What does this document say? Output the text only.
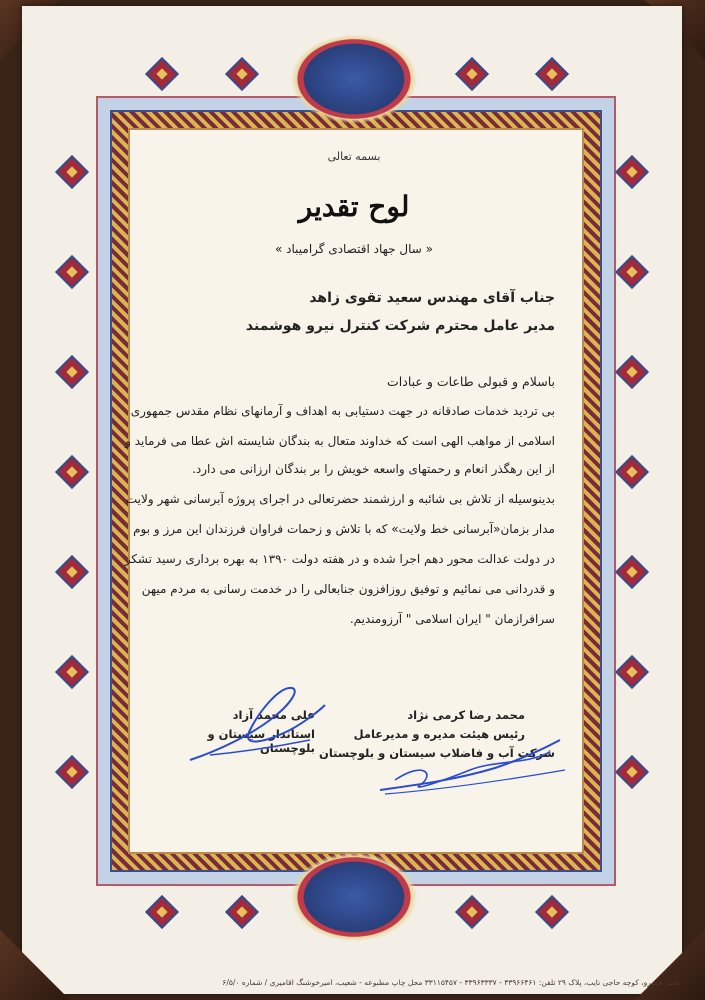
بسمه تعالی
لوح تقدیر
« سال جهاد اقتصادی گرامیباد »
جناب آقای مهندس سعید تقوی زاهد
مدیر عامل محترم شرکت کنترل نیرو هوشمند
باسلام و قبولی طاعات و عبادات
بی تردید خدمات صادقانه در جهت دستیابی به اهداف و آرمانهای نظام مقدس جمهوری
اسلامی از مواهب الهی است که خداوند متعال به بندگان شایسته اش عطا می فرماید و
از این رهگذر انعام و رحمتهای واسعه خویش را بر بندگان ارزانی می دارد.
بدینوسیله از تلاش بی شائبه و ارزشمند حضرتعالی در اجرای پروژه آبرسانی شهر ولایت
مدار بزمان«آبرسانی خط ولایت» که با تلاش و زحمات فراوان فرزندان این مرز و بوم
در دولت عدالت محور دهم اجرا شده و در هفته دولت ۱۳۹۰ به بهره برداری رسید تشکر
و قدردانی می نمائیم و توفیق روزافزون جنابعالی را در خدمت رسانی به مردم میهن
سرافرازمان " ایران اسلامی " آرزومندیم.
محمد رضا کرمی نژاد
رئیس هیئت مدیره و مدیرعامل
شرکت آب و فاضلاب سیستان و بلوچستان
علی محمد آزاد
استاندار سیستان و بلوچستان
ناصر خسرو، کوچه حاجی نایب، پلاک ۲۹ تلفن: ۳۳۹۶۶۴۶۱ - ۳۳۹۶۳۳۳۷ - ۳۳۱۱۵۴۵۷ محل چاپ مطبوعه - شعیب، امیرخوشنگ اقامیری / شماره ۶/۵/۰
